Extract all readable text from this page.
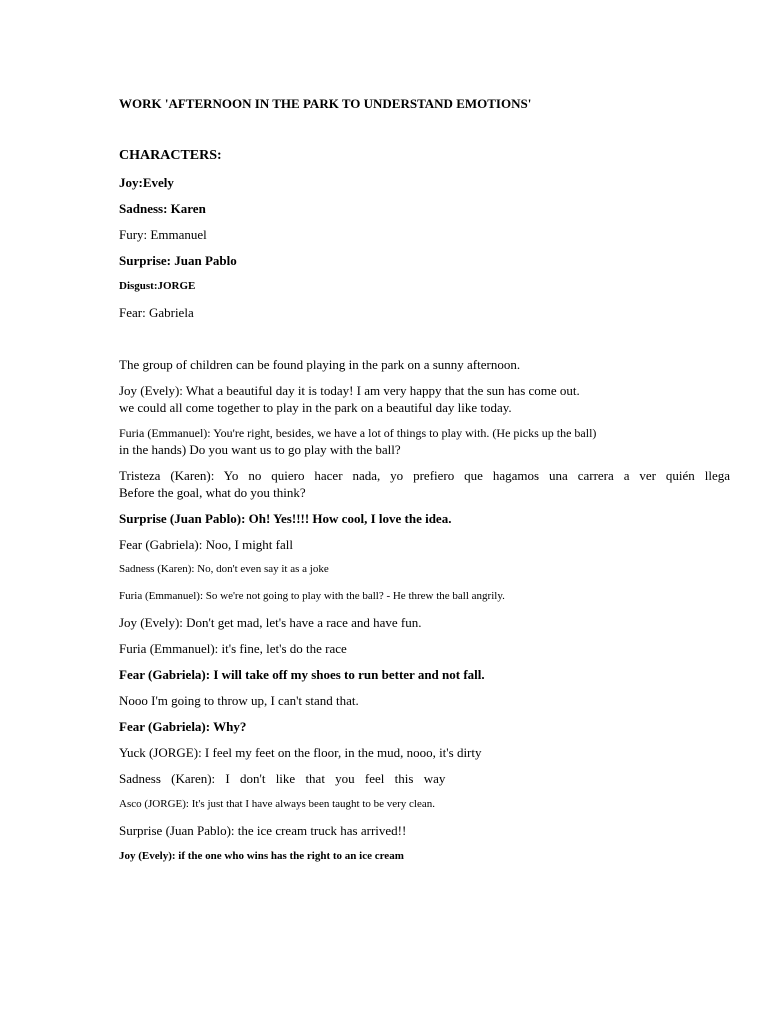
WORK 'AFTERNOON IN THE PARK TO UNDERSTAND EMOTIONS'

CHARACTERS:

Joy:Evely

Sadness: Karen

Fury: Emmanuel

Surprise: Juan Pablo

Disgust:JORGE

Fear: Gabriela

The group of children can be found playing in the park on a sunny afternoon.

Joy (Evely): What a beautiful day it is today! I am very happy that the sun has come out.

we could all come together to play in the park on a beautiful day like today.

Furia (Emmanuel): You're right, besides, we have a lot of things to play with. (He picks up the ball)

in the hands) Do you want us to go play with the ball?

Tristeza (Karen): Yo no quiero hacer nada, yo prefiero que hagamos una carrera a ver quién llega

Before the goal, what do you think?

Surprise (Juan Pablo): Oh! Yes!!!! How cool, I love the idea.

Fear (Gabriela): Noo, I might fall

Sadness (Karen): No, don't even say it as a joke

Furia (Emmanuel): So we're not going to play with the ball? - He threw the ball angrily.

Joy (Evely): Don't get mad, let's have a race and have fun.

Furia (Emmanuel): it's fine, let's do the race

Fear (Gabriela): I will take off my shoes to run better and not fall.

Nooo I'm going to throw up, I can't stand that.

Fear (Gabriela): Why?

Yuck (JORGE): I feel my feet on the floor, in the mud, nooo, it's dirty

Sadness (Karen): I don't like that you feel this way

Asco (JORGE): It's just that I have always been taught to be very clean.

Surprise (Juan Pablo): the ice cream truck has arrived!!

Joy (Evely): if the one who wins has the right to an ice cream
